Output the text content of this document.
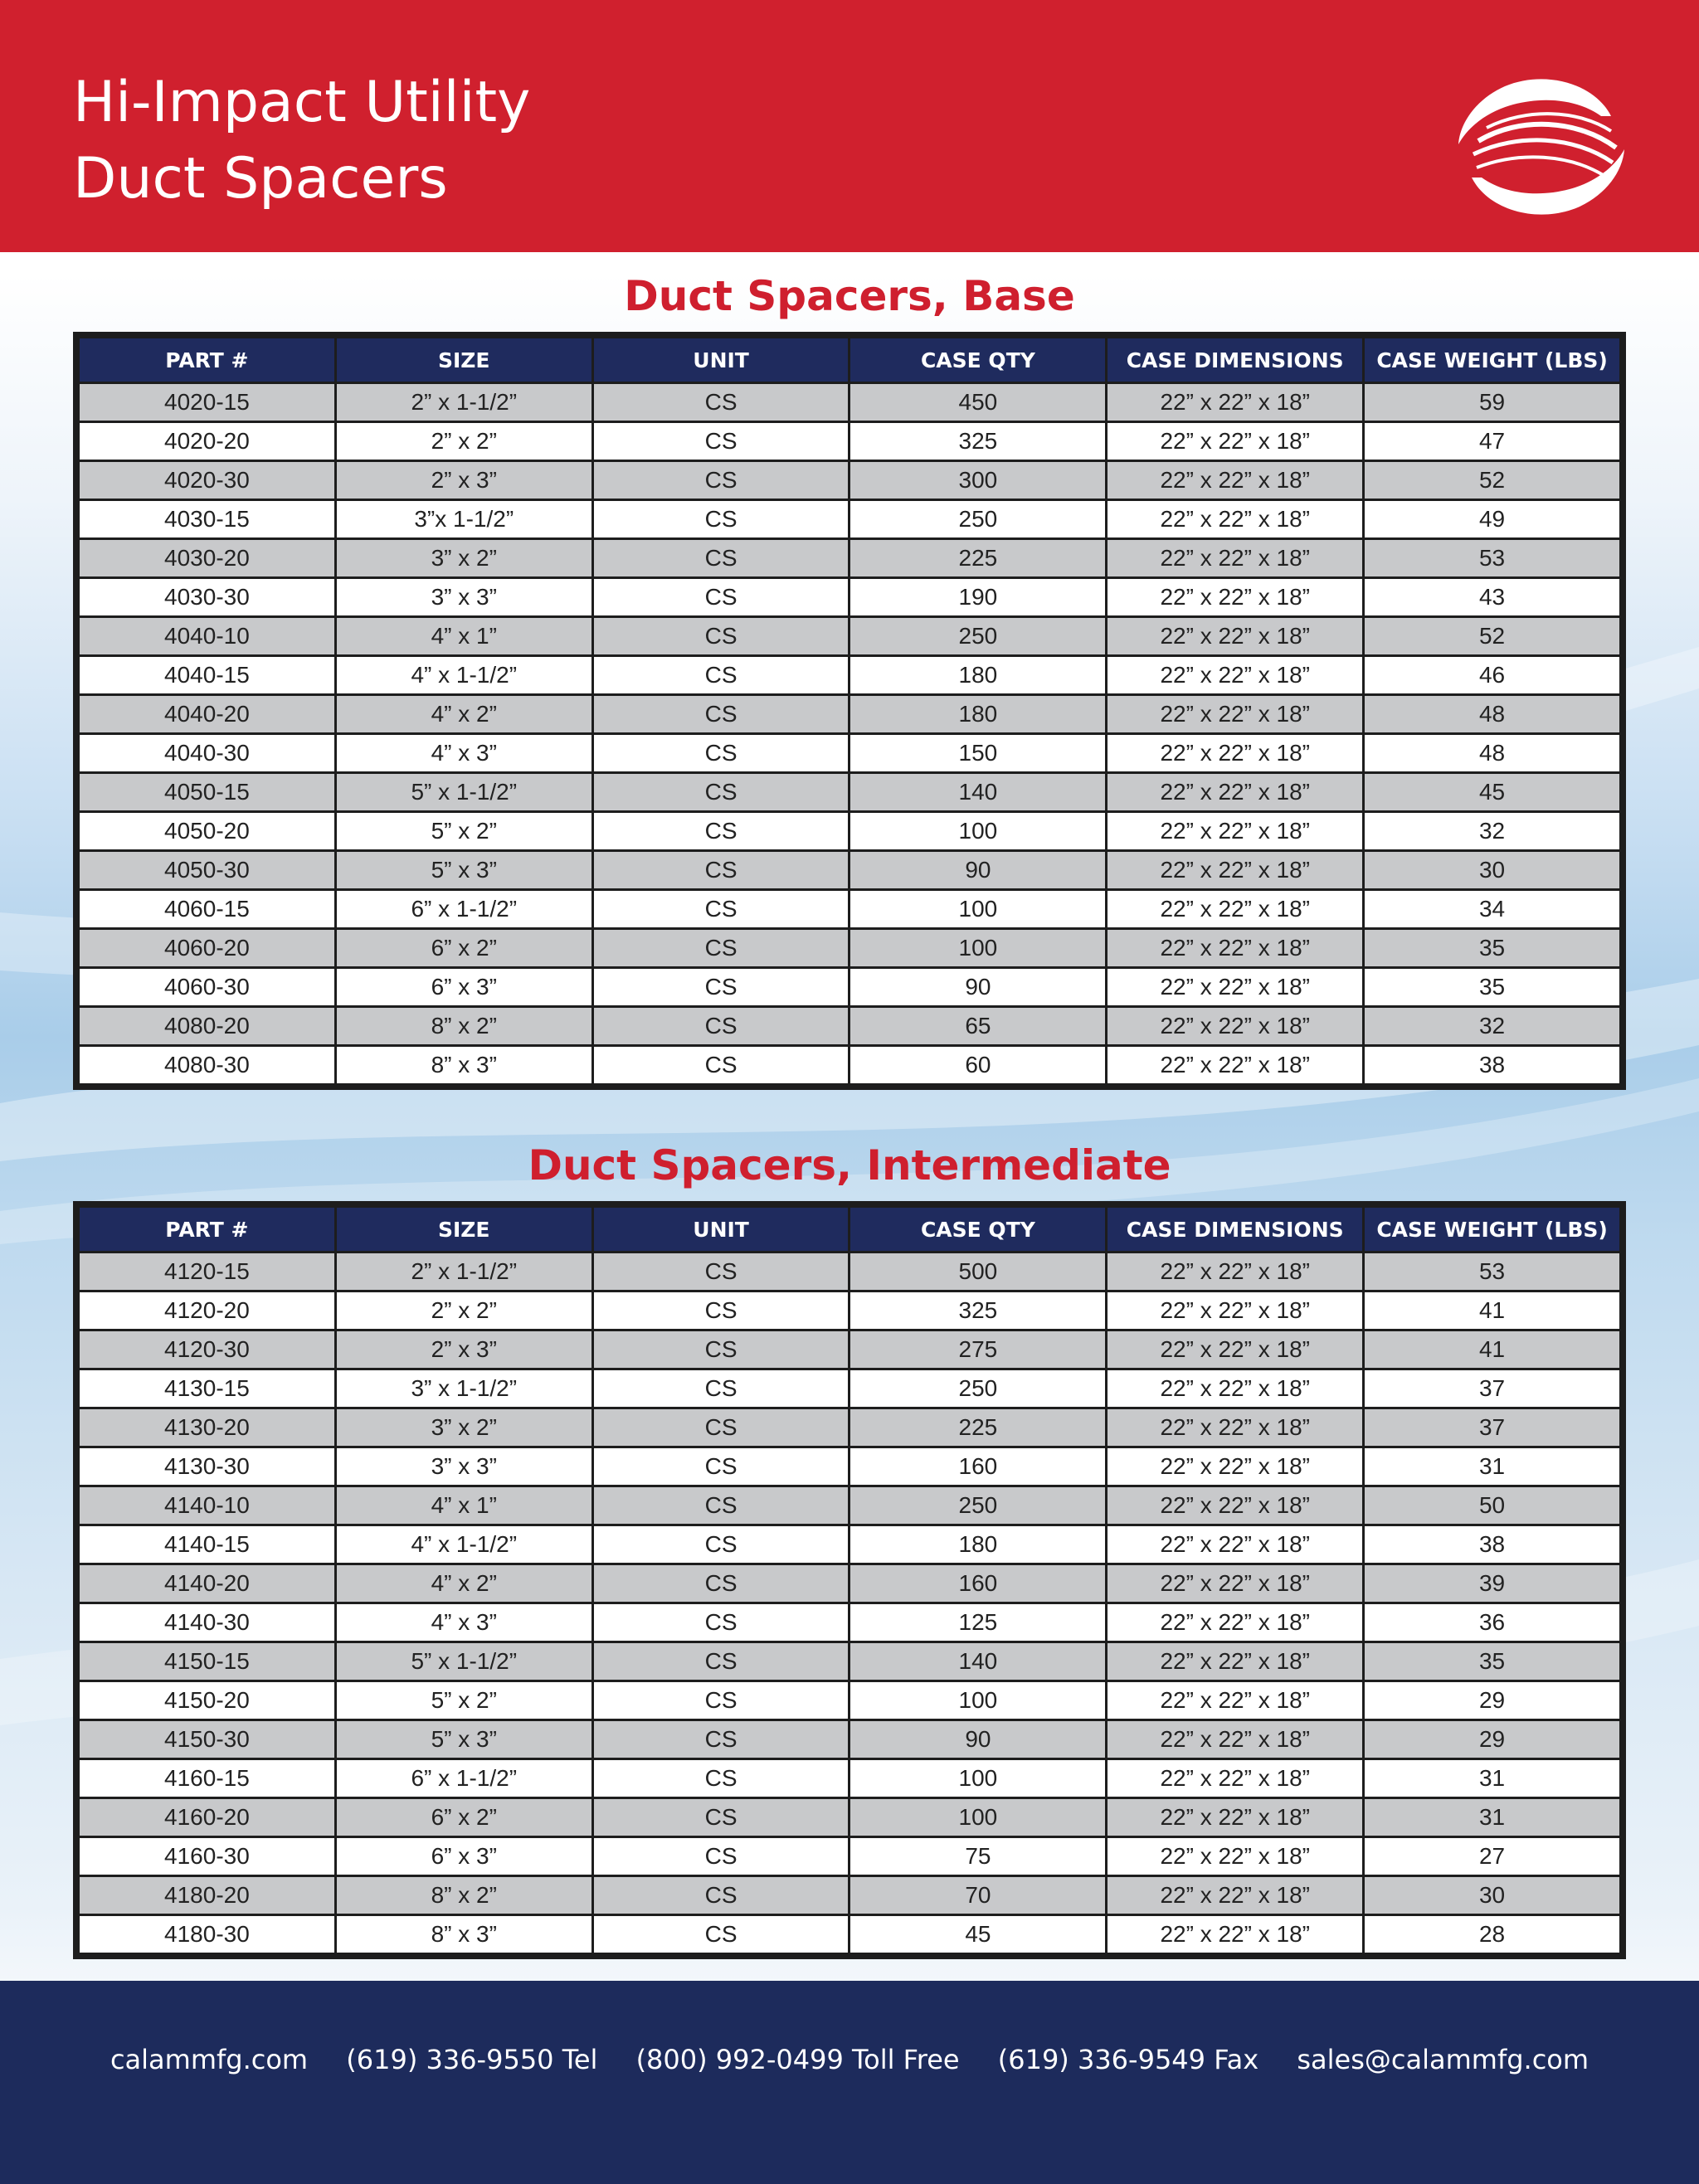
Hi-Impact Utility
Duct Spacers
Duct Spacers, Base
PART #	SIZE	UNIT	CASE QTY	CASE DIMENSIONS	CASE WEIGHT (LBS)
4020-15	2” x 1-1/2”	CS	450	22” x 22” x 18”	59
4020-20	2” x 2”	CS	325	22” x 22” x 18”	47
4020-30	2” x 3”	CS	300	22” x 22” x 18”	52
4030-15	3”x 1-1/2”	CS	250	22” x 22” x 18”	49
4030-20	3” x 2”	CS	225	22” x 22” x 18”	53
4030-30	3” x 3”	CS	190	22” x 22” x 18”	43
4040-10	4” x 1”	CS	250	22” x 22” x 18”	52
4040-15	4” x 1-1/2”	CS	180	22” x 22” x 18”	46
4040-20	4” x 2”	CS	180	22” x 22” x 18”	48
4040-30	4” x 3”	CS	150	22” x 22” x 18”	48
4050-15	5” x 1-1/2”	CS	140	22” x 22” x 18”	45
4050-20	5” x 2”	CS	100	22” x 22” x 18”	32
4050-30	5” x 3”	CS	90	22” x 22” x 18”	30
4060-15	6” x 1-1/2”	CS	100	22” x 22” x 18”	34
4060-20	6” x 2”	CS	100	22” x 22” x 18”	35
4060-30	6” x 3”	CS	90	22” x 22” x 18”	35
4080-20	8” x 2”	CS	65	22” x 22” x 18”	32
4080-30	8” x 3”	CS	60	22” x 22” x 18”	38
Duct Spacers, Intermediate
PART #	SIZE	UNIT	CASE QTY	CASE DIMENSIONS	CASE WEIGHT (LBS)
4120-15	2” x 1-1/2”	CS	500	22” x 22” x 18”	53
4120-20	2” x 2”	CS	325	22” x 22” x 18”	41
4120-30	2” x 3”	CS	275	22” x 22” x 18”	41
4130-15	3” x 1-1/2”	CS	250	22” x 22” x 18”	37
4130-20	3” x 2”	CS	225	22” x 22” x 18”	37
4130-30	3” x 3”	CS	160	22” x 22” x 18”	31
4140-10	4” x 1”	CS	250	22” x 22” x 18”	50
4140-15	4” x 1-1/2”	CS	180	22” x 22” x 18”	38
4140-20	4” x 2”	CS	160	22” x 22” x 18”	39
4140-30	4” x 3”	CS	125	22” x 22” x 18”	36
4150-15	5” x 1-1/2”	CS	140	22” x 22” x 18”	35
4150-20	5” x 2”	CS	100	22” x 22” x 18”	29
4150-30	5” x 3”	CS	90	22” x 22” x 18”	29
4160-15	6” x 1-1/2”	CS	100	22” x 22” x 18”	31
4160-20	6” x 2”	CS	100	22” x 22” x 18”	31
4160-30	6” x 3”	CS	75	22” x 22” x 18”	27
4180-20	8” x 2”	CS	70	22” x 22” x 18”	30
4180-30	8” x 3”	CS	45	22” x 22” x 18”	28
calammfg.com (619) 336-9550 Tel (800) 992-0499 Toll Free (619) 336-9549 Fax sales@calammfg.com
